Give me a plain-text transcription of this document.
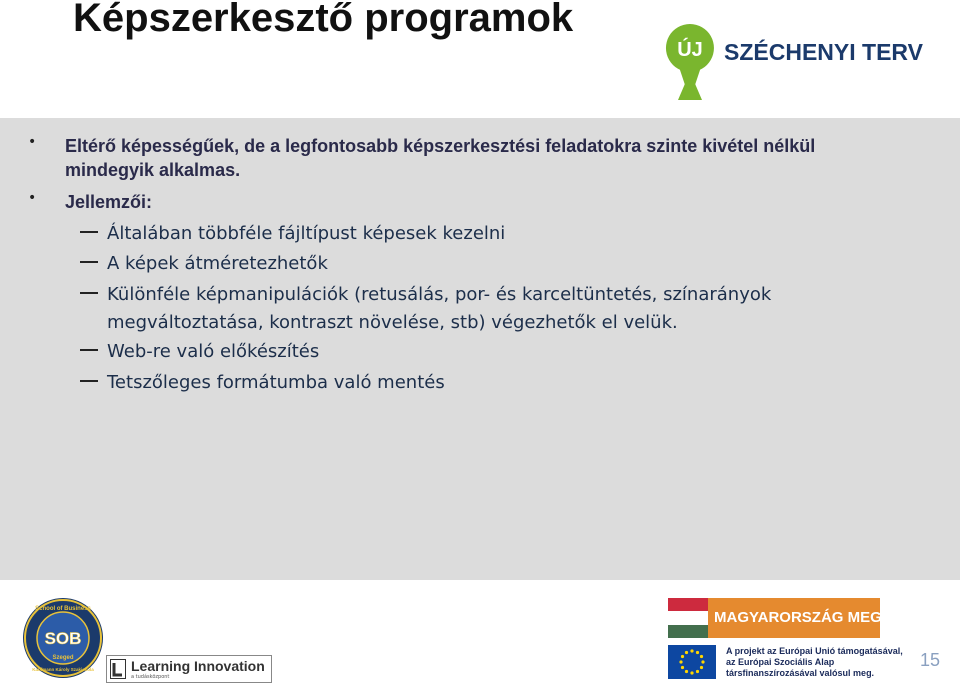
Képszerkesztő programok
ÚJ SZÉCHENYI TERV
• Eltérő képességűek, de a legfontosabb képszerkesztési feladatokra szinte kivétel nélkül mindegyik alkalmas.
• Jellemzői:
Általában többféle fájltípust képesek kezelni
A képek átméretezhetők
Különféle képmanipulációk (retusálás, por- és karceltüntetés, színarányok megváltoztatása, kontraszt növelése, stb) végezhetők el velük.
Web-re való előkészítés
Tetszőleges formátumba való mentés
School of Business
SOB
Szeged
Kaufmann Károly Szakiskola	Learning Innovation
a tudásközpont
MAGYARORSZÁG MEGÚJUL
A projekt az Európai Unió támogatásával,
az Európai Szociális Alap
társfinanszírozásával valósul meg.
15
